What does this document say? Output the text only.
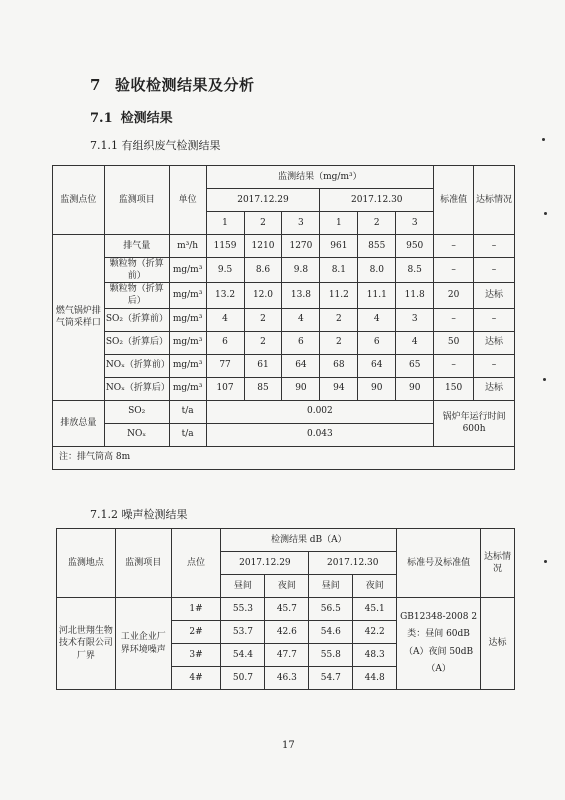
7 验收检测结果及分析
7.1 检测结果
7.1.1 有组织废气检测结果
监测点位	监测项目	单位	监测结果（mg/m³）						标准值	达标情况
			2017.12.29			2017.12.30				
			1	2	3	1	2	3		
燃气锅炉排气筒采样口	排气量	m³/h	1159	1210	1270	961	855	950	–	–
	颗粒物（折算前）	mg/m³	9.5	8.6	9.8	8.1	8.0	8.5	–	–
	颗粒物（折算后）	mg/m³	13.2	12.0	13.8	11.2	11.1	11.8	20	达标
	SO₂（折算前）	mg/m³	4	2	4	2	4	3	–	–
	SO₂（折算后）	mg/m³	6	2	6	2	6	4	50	达标
	NOₓ（折算前）	mg/m³	77	61	64	68	64	65	–	–
	NOₓ（折算后）	mg/m³	107	85	90	94	90	90	150	达标
排放总量	SO₂	t/a	0.002						锅炉年运行时间 600h	
	NOₓ	t/a	0.043							
注：排气筒高 8m										
7.1.2 噪声检测结果
监测地点	监测项目	点位	检测结果 dB（A）				标准号及标准值	达标情况
			2017.12.29		2017.12.30			
			昼间	夜间	昼间	夜间		
河北世翔生物技术有限公司厂界	工业企业厂界环境噪声	1#	55.3	45.7	56.5	45.1	GB12348-2008 2类：昼间 60dB（A）夜间 50dB（A）	达标
		2#	53.7	42.6	54.6	42.2		
		3#	54.4	47.7	55.8	48.3		
		4#	50.7	46.3	54.7	44.8		
17
